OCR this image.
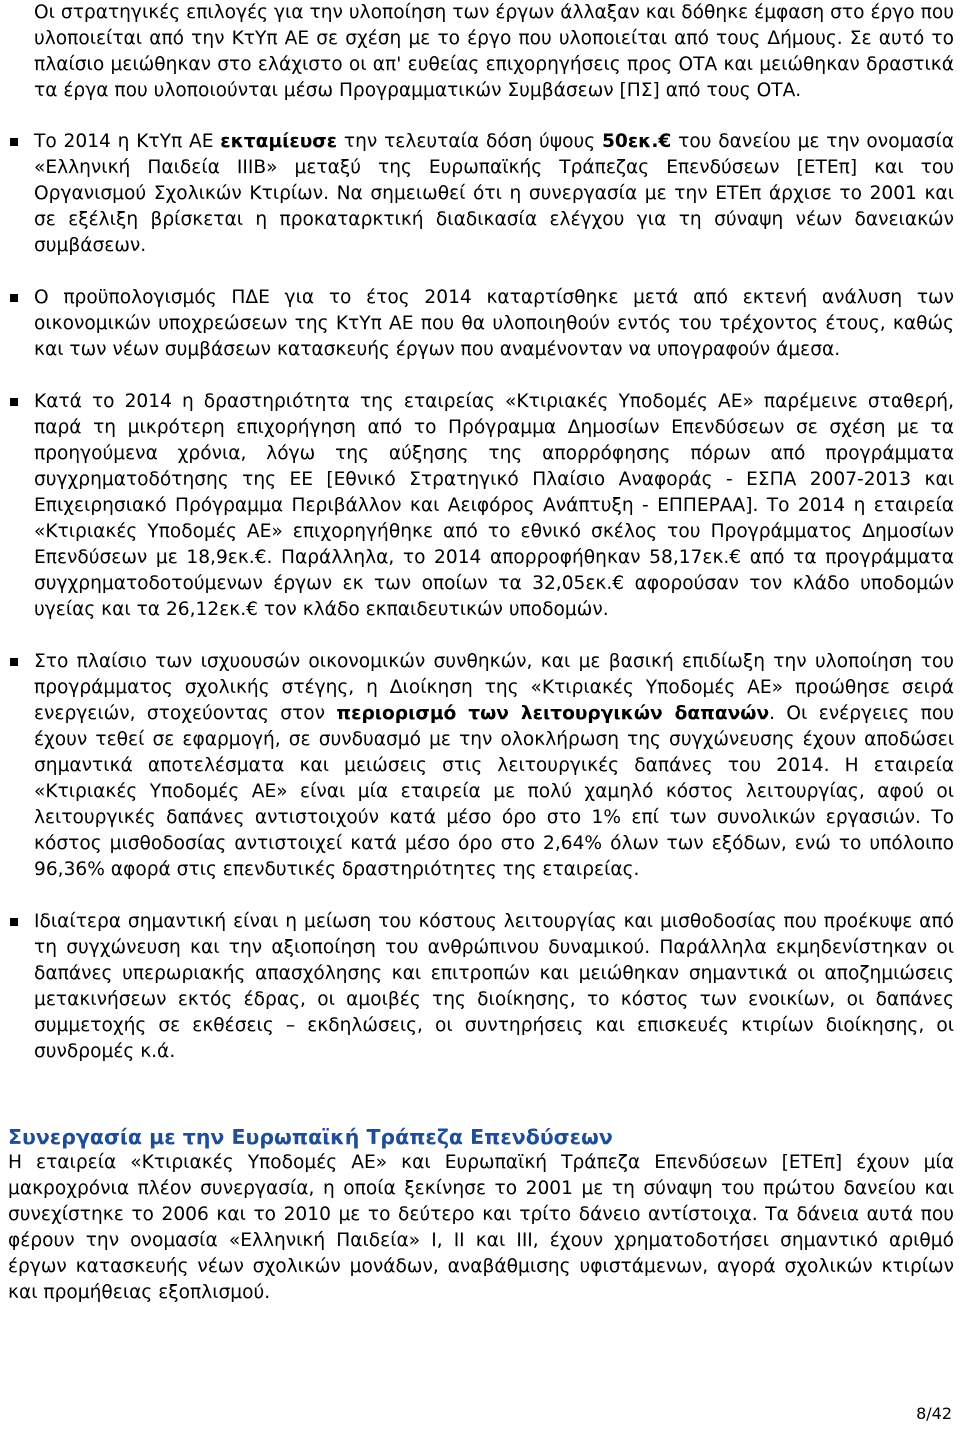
Οι στρατηγικές επιλογές για την υλοποίηση των έργων άλλαξαν και δόθηκε έμφαση στο έργο που υλοποιείται από την ΚτΥπ ΑΕ σε σχέση με το έργο που υλοποιείται από τους Δήμους. Σε αυτό το πλαίσιο μειώθηκαν στο ελάχιστο οι απ' ευθείας επιχορηγήσεις προς ΟΤΑ και μειώθηκαν δραστικά τα έργα που υλοποιούνται μέσω Προγραμματικών Συμβάσεων [ΠΣ] από τους ΟΤΑ.

Το 2014 η ΚτΥπ ΑΕ εκταμίευσε την τελευταία δόση ύψους 50εκ.€ του δανείου με την ονομασία «Ελληνική Παιδεία ΙΙΙΒ» μεταξύ της Ευρωπαϊκής Τράπεζας Επενδύσεων [ΕΤΕπ] και του Οργανισμού Σχολικών Κτιρίων. Να σημειωθεί ότι η συνεργασία με την ΕΤΕπ άρχισε το 2001 και σε εξέλιξη βρίσκεται η προκαταρκτική διαδικασία ελέγχου για τη σύναψη νέων δανειακών συμβάσεων.

Ο προϋπολογισμός ΠΔΕ για το έτος 2014 καταρτίσθηκε μετά από εκτενή ανάλυση των οικονομικών υποχρεώσεων της ΚτΥπ ΑΕ που θα υλοποιηθούν εντός του τρέχοντος έτους, καθώς και των νέων συμβάσεων κατασκευής έργων που αναμένονταν να υπογραφούν άμεσα.

Κατά το 2014 η δραστηριότητα της εταιρείας «Κτιριακές Υποδομές ΑΕ» παρέμεινε σταθερή, παρά τη μικρότερη επιχορήγηση από το Πρόγραμμα Δημοσίων Επενδύσεων σε σχέση με τα προηγούμενα χρόνια, λόγω της αύξησης της απορρόφησης πόρων από προγράμματα συγχρηματοδότησης της ΕΕ [Εθνικό Στρατηγικό Πλαίσιο Αναφοράς - ΕΣΠΑ 2007-2013 και Επιχειρησιακό Πρόγραμμα Περιβάλλον και Αειφόρος Ανάπτυξη - ΕΠΠΕΡΑΑ]. Το 2014 η εταιρεία «Κτιριακές Υποδομές ΑΕ» επιχορηγήθηκε από το εθνικό σκέλος του Προγράμματος Δημοσίων Επενδύσεων με 18,9εκ.€. Παράλληλα, το 2014 απορροφήθηκαν 58,17εκ.€ από τα προγράμματα συγχρηματοδοτούμενων έργων εκ των οποίων τα 32,05εκ.€ αφορούσαν τον κλάδο υποδομών υγείας και τα 26,12εκ.€ τον κλάδο εκπαιδευτικών υποδομών.

Στο πλαίσιο των ισχυουσών οικονομικών συνθηκών, και με βασική επιδίωξη την υλοποίηση του προγράμματος σχολικής στέγης, η Διοίκηση της «Κτιριακές Υποδομές ΑΕ» προώθησε σειρά ενεργειών, στοχεύοντας στον περιορισμό των λειτουργικών δαπανών. Οι ενέργειες που έχουν τεθεί σε εφαρμογή, σε συνδυασμό με την ολοκλήρωση της συγχώνευσης έχουν αποδώσει σημαντικά αποτελέσματα και μειώσεις στις λειτουργικές δαπάνες του 2014. Η εταιρεία «Κτιριακές Υποδομές ΑΕ» είναι μία εταιρεία με πολύ χαμηλό κόστος λειτουργίας, αφού οι λειτουργικές δαπάνες αντιστοιχούν κατά μέσο όρο στο 1% επί των συνολικών εργασιών. Το κόστος μισθοδοσίας αντιστοιχεί κατά μέσο όρο στο 2,64% όλων των εξόδων, ενώ το υπόλοιπο 96,36% αφορά στις επενδυτικές δραστηριότητες της εταιρείας.

Ιδιαίτερα σημαντική είναι η μείωση του κόστους λειτουργίας και μισθοδοσίας που προέκυψε από τη συγχώνευση και την αξιοποίηση του ανθρώπινου δυναμικού. Παράλληλα εκμηδενίστηκαν οι δαπάνες υπερωριακής απασχόλησης και επιτροπών και μειώθηκαν σημαντικά οι αποζημιώσεις μετακινήσεων εκτός έδρας, οι αμοιβές της διοίκησης, το κόστος των ενοικίων, οι δαπάνες συμμετοχής σε εκθέσεις – εκδηλώσεις, οι συντηρήσεις και επισκευές κτιρίων διοίκησης, οι συνδρομές κ.ά.

Συνεργασία με την Ευρωπαϊκή Τράπεζα Επενδύσεων

Η εταιρεία «Κτιριακές Υποδομές ΑΕ» και Ευρωπαϊκή Τράπεζα Επενδύσεων [ΕΤΕπ] έχουν μία μακροχρόνια πλέον συνεργασία, η οποία ξεκίνησε το 2001 με τη σύναψη του πρώτου δανείου και συνεχίστηκε το 2006 και το 2010 με το δεύτερο και τρίτο δάνειο αντίστοιχα. Τα δάνεια αυτά που φέρουν την ονομασία «Ελληνική Παιδεία» Ι, ΙΙ και ΙΙΙ, έχουν χρηματοδοτήσει σημαντικό αριθμό έργων κατασκευής νέων σχολικών μονάδων, αναβάθμισης υφιστάμενων, αγορά σχολικών κτιρίων και προμήθειας εξοπλισμού.

8/42
